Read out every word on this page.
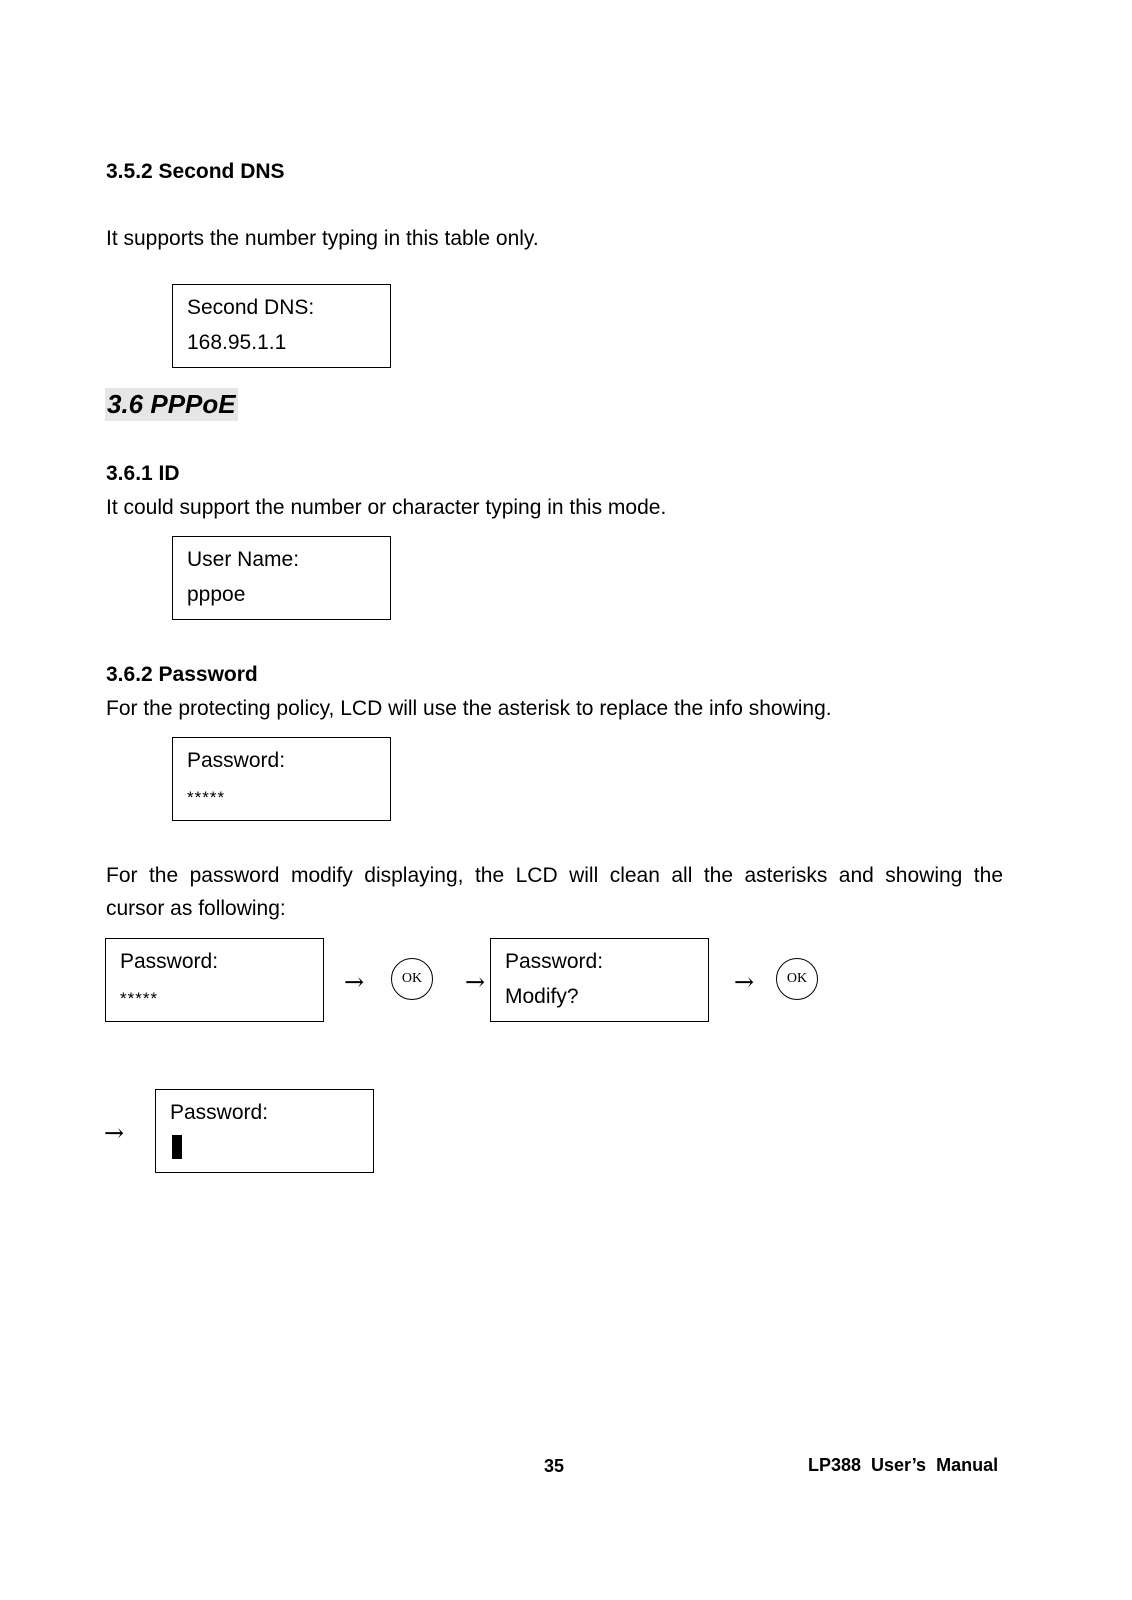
3.5.2 Second DNS
It supports the number typing in this table only.
Second DNS:
168.95.1.1
3.6 PPPoE
3.6.1 ID
It could support the number or character typing in this mode.
User Name:
pppoe
3.6.2 Password
For the protecting policy, LCD will use the asterisk to replace the info showing.
Password:
*****
For the password modify displaying, the LCD will clean all the asterisks and showing the
cursor as following:
Password:
*****
→	OK →
Password:
Modify?
→ OK
→
Password:
35	LP388  User’s  Manual
